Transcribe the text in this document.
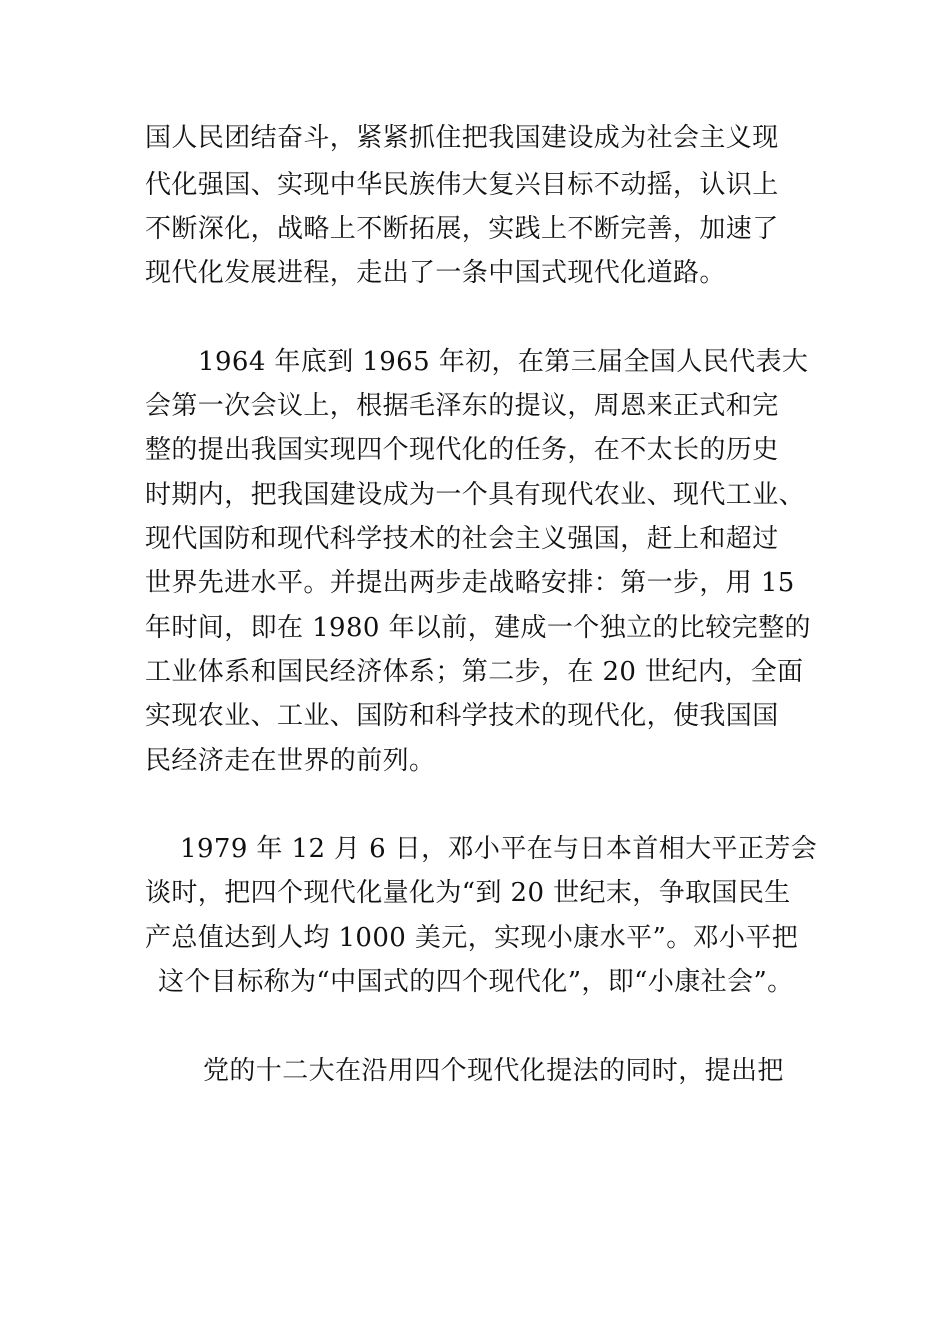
国人民团结奋斗，紧紧抓住把我国建设成为社会主义现
代化强国、实现中华民族伟大复兴目标不动摇，认识上
不断深化，战略上不断拓展，实践上不断完善，加速了
现代化发展进程，走出了一条中国式现代化道路。
1964 年底到 1965 年初，在第三届全国人民代表大
会第一次会议上，根据毛泽东的提议，周恩来正式和完
整的提出我国实现四个现代化的任务，在不太长的历史
时期内，把我国建设成为一个具有现代农业、现代工业、
现代国防和现代科学技术的社会主义强国，赶上和超过
世界先进水平。并提出两步走战略安排：第一步，用 15
年时间，即在 1980 年以前，建成一个独立的比较完整的
工业体系和国民经济体系；第二步，在 20 世纪内，全面
实现农业、工业、国防和科学技术的现代化，使我国国
民经济走在世界的前列。
1979 年 12 月 6 日，邓小平在与日本首相大平正芳会
谈时，把四个现代化量化为“到 20 世纪末，争取国民生
产总值达到人均 1000 美元，实现小康水平”。邓小平把
这个目标称为“中国式的四个现代化”，即“小康社会”。
党的十二大在沿用四个现代化提法的同时，提出把
